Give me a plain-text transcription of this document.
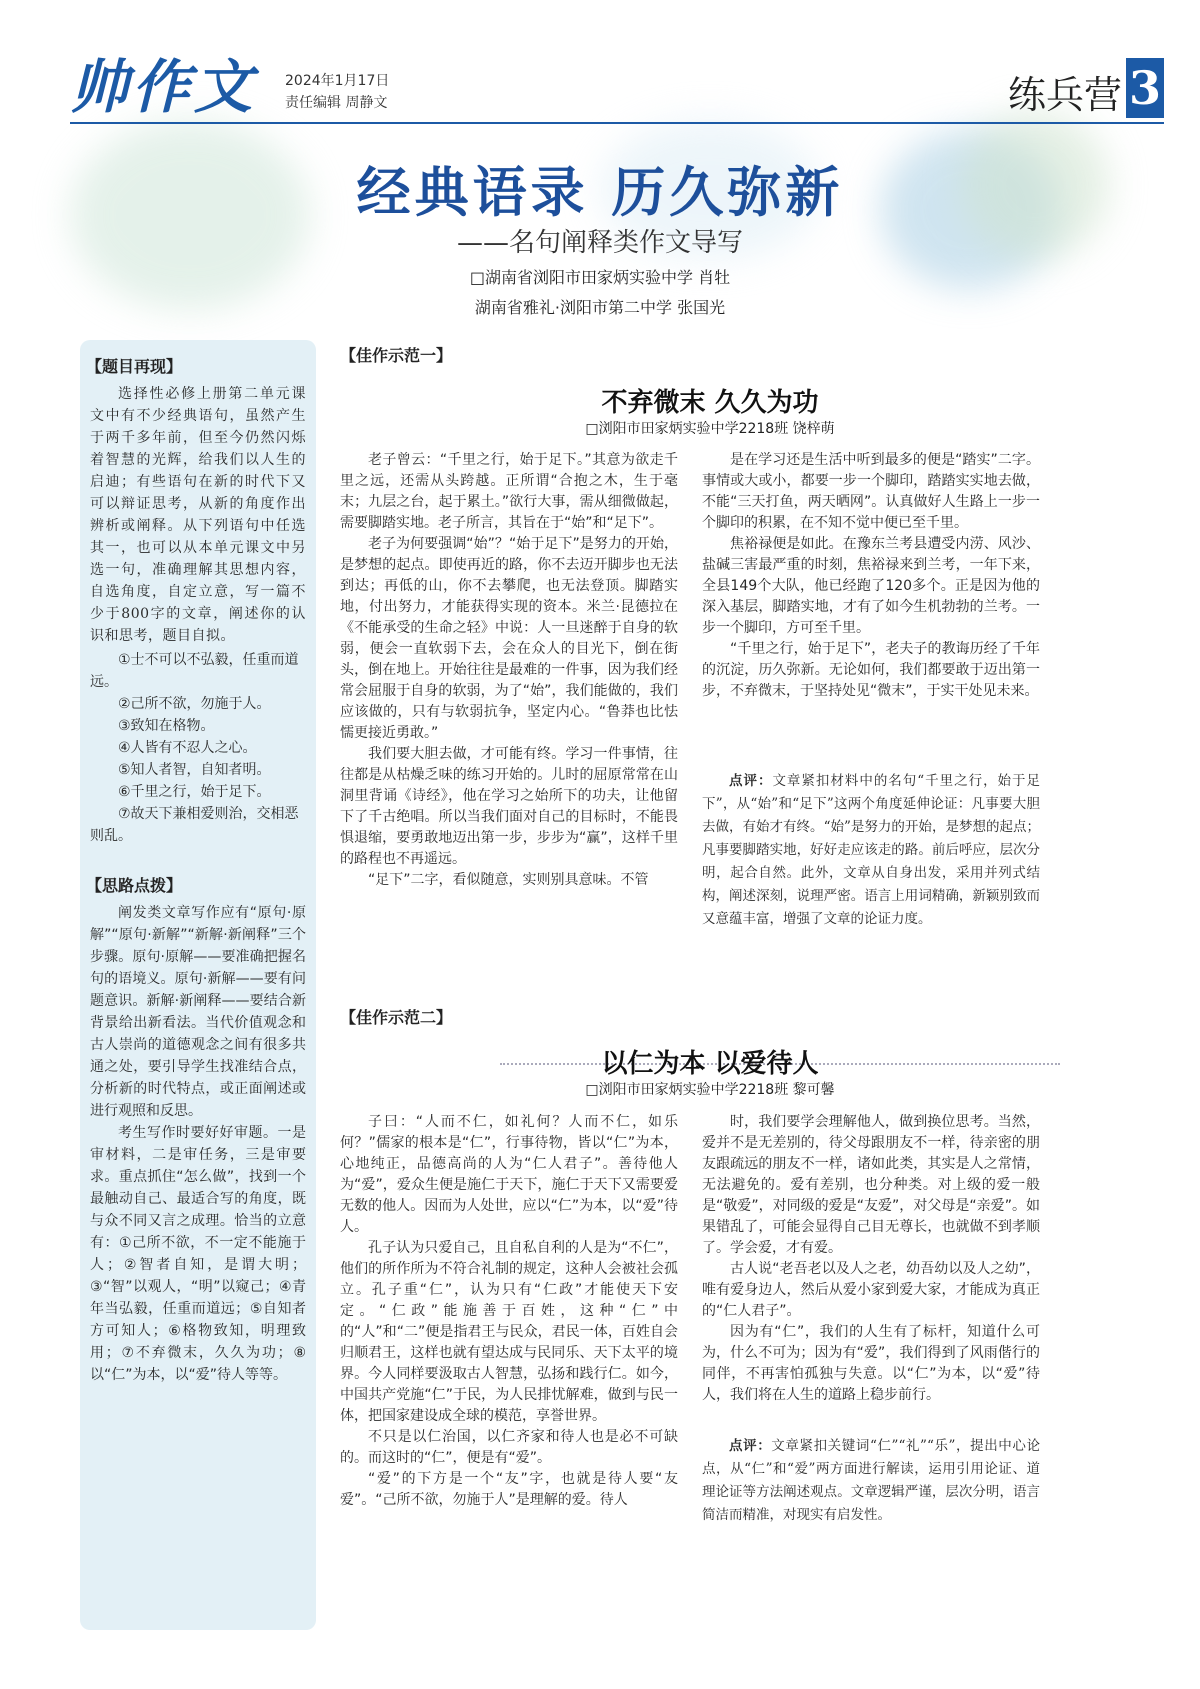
帅作文 2024年1月17日
责任编辑 周静文	练兵营 3
经典语录 历久弥新
——名句阐释类作文导写
□湖南省浏阳市田家炳实验中学 肖牡
湖南省雅礼·浏阳市第二中学 张国光
【题目再现】
选择性必修上册第二单元课文中有不少经典语句，虽然产生于两千多年前，但至今仍然闪烁着智慧的光辉，给我们以人生的启迪；有些语句在新的时代下又可以辩证思考，从新的角度作出辨析或阐释。从下列语句中任选其一，也可以从本单元课文中另选一句，准确理解其思想内容，自选角度，自定立意，写一篇不少于800字的文章，阐述你的认识和思考，题目自拟。
①士不可以不弘毅，任重而道远。
②己所不欲，勿施于人。
③致知在格物。
④人皆有不忍人之心。
⑤知人者智，自知者明。
⑥千里之行，始于足下。
⑦故天下兼相爱则治，交相恶则乱。
【思路点拨】
阐发类文章写作应有“原句·原解”“原句·新解”“新解·新阐释”三个步骤。原句·原解——要准确把握名句的语境义。原句·新解——要有问题意识。新解·新阐释——要结合新背景给出新看法。当代价值观念和古人崇尚的道德观念之间有很多共通之处，要引导学生找准结合点，分析新的时代特点，或正面阐述或进行观照和反思。
考生写作时要好好审题。一是审材料，二是审任务，三是审要求。重点抓住“怎么做”，找到一个最触动自己、最适合写的角度，既与众不同又言之成理。恰当的立意有：①己所不欲，不一定不能施于人；②智者自知，是谓大明；③“智”以观人，“明”以窥己；④青年当弘毅，任重而道远；⑤自知者方可知人；⑥格物致知，明理致用；⑦不弃微末，久久为功；⑧以“仁”为本，以“爱”待人等等。
【佳作示范一】
不弃微末 久久为功
□浏阳市田家炳实验中学2218班 饶梓萌

老子曾云：“千里之行，始于足下。”其意为欲走千里之远，还需从头跨越。正所谓“合抱之木，生于毫末；九层之台，起于累土。”欲行大事，需从细微做起，需要脚踏实地。老子所言，其旨在于“始”和“足下”。

老子为何要强调“始”？“始于足下”是努力的开始，是梦想的起点。即使再近的路，你不去迈开脚步也无法到达；再低的山，你不去攀爬，也无法登顶。脚踏实地，付出努力，才能获得实现的资本。米兰·昆德拉在《不能承受的生命之轻》中说：人一旦迷醉于自身的软弱，便会一直软弱下去，会在众人的目光下，倒在街头，倒在地上。开始往往是最难的一件事，因为我们经常会屈服于自身的软弱，为了“始”，我们能做的，我们应该做的，只有与软弱抗争，坚定内心。“鲁莽也比怯懦更接近勇敢。”

我们要大胆去做，才可能有终。学习一件事情，往往都是从枯燥乏味的练习开始的。儿时的屈原常常在山洞里背诵《诗经》，他在学习之始所下的功夫，让他留下了千古绝唱。所以当我们面对自己的目标时，不能畏惧退缩，要勇敢地迈出第一步，步步为“赢”，这样千里的路程也不再遥远。

“足下”二字，看似随意，实则别具意味。不管

是在学习还是生活中听到最多的便是“踏实”二字。事情或大或小，都要一步一个脚印，踏踏实实地去做，不能“三天打鱼，两天晒网”。认真做好人生路上一步一个脚印的积累，在不知不觉中便已至千里。

焦裕禄便是如此。在豫东兰考县遭受内涝、风沙、盐碱三害最严重的时刻，焦裕禄来到兰考，一年下来，全县149个大队，他已经跑了120多个。正是因为他的深入基层，脚踏实地，才有了如今生机勃勃的兰考。一步一个脚印，方可至千里。

“千里之行，始于足下”，老夫子的教诲历经了千年的沉淀，历久弥新。无论如何，我们都要敢于迈出第一步，不弃微末，于坚持处见“微末”，于实干处见未来。

点评：文章紧扣材料中的名句“千里之行，始于足下”，从“始”和“足下”这两个角度延伸论证：凡事要大胆去做，有始才有终。“始”是努力的开始，是梦想的起点；凡事要脚踏实地，好好走应该走的路。前后呼应，层次分明，起合自然。此外，文章从自身出发，采用并列式结构，阐述深刻，说理严密。语言上用词精确，新颖别致而又意蕴丰富，增强了文章的论证力度。
【佳作示范二】
以仁为本 以爱待人
□浏阳市田家炳实验中学2218班 黎可馨

子曰：“人而不仁，如礼何？人而不仁，如乐何？”儒家的根本是“仁”，行事待物，皆以“仁”为本，心地纯正，品德高尚的人为“仁人君子”。善待他人为“爱”，爱众生便是施仁于天下，施仁于天下又需要爱无数的他人。因而为人处世，应以“仁”为本，以“爱”待人。

孔子认为只爱自己，且自私自利的人是为“不仁”，他们的所作所为不符合礼制的规定，这种人会被社会孤立。孔子重“仁”，认为只有“仁政”才能使天下安定。“仁政”能施善于百姓，这种“仁”中的“人”和“二”便是指君王与民众，君民一体，百姓自会归顺君王，这样也就有望达成与民同乐、天下太平的境界。今人同样要汲取古人智慧，弘扬和践行仁。如今，中国共产党施“仁”于民，为人民排忧解难，做到与民一体，把国家建设成全球的模范，享誉世界。

不只是以仁治国，以仁齐家和待人也是必不可缺的。而这时的“仁”，便是有“爱”。

“爱”的下方是一个“友”字，也就是待人要“友爱”。“己所不欲，勿施于人”是理解的爱。待人

时，我们要学会理解他人，做到换位思考。当然，爱并不是无差别的，待父母跟朋友不一样，待亲密的朋友跟疏远的朋友不一样，诸如此类，其实是人之常情，无法避免的。爱有差别，也分种类。对上级的爱一般是“敬爱”，对同级的爱是“友爱”，对父母是“亲爱”。如果错乱了，可能会显得自己目无尊长，也就做不到孝顺了。学会爱，才有爱。

古人说“老吾老以及人之老，幼吾幼以及人之幼”，唯有爱身边人，然后从爱小家到爱大家，才能成为真正的“仁人君子”。

因为有“仁”，我们的人生有了标杆，知道什么可为，什么不可为；因为有“爱”，我们得到了风雨偕行的同伴，不再害怕孤独与失意。以“仁”为本，以“爱”待人，我们将在人生的道路上稳步前行。

点评：文章紧扣关键词“仁”“礼”“乐”，提出中心论点，从“仁”和“爱”两方面进行解读，运用引用论证、道理论证等方法阐述观点。文章逻辑严谨，层次分明，语言简洁而精准，对现实有启发性。
